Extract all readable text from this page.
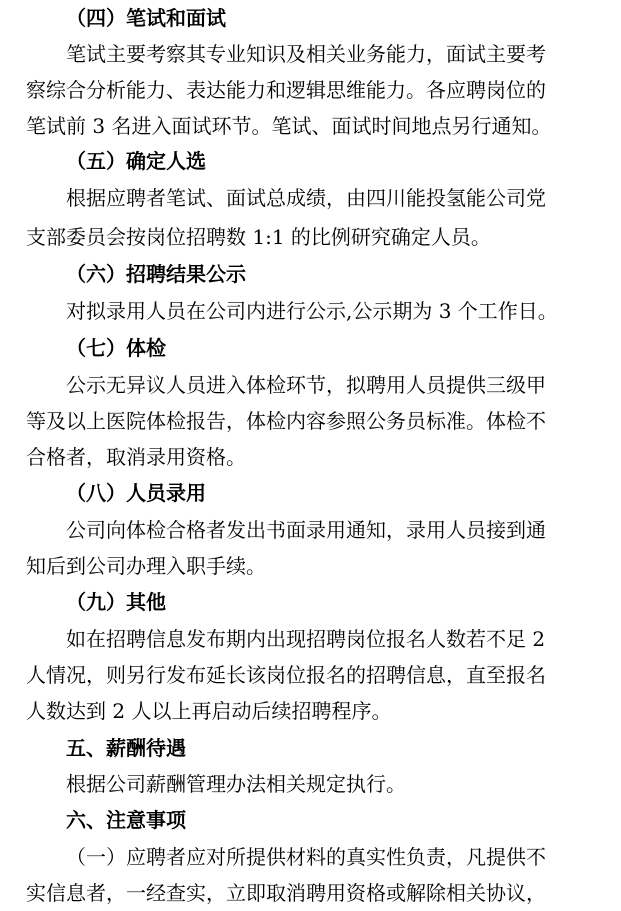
（四）笔试和面试
笔试主要考察其专业知识及相关业务能力，面试主要考
察综合分析能力、表达能力和逻辑思维能力。各应聘岗位的
笔试前 3 名进入面试环节。笔试、面试时间地点另行通知。
（五）确定人选
根据应聘者笔试、面试总成绩，由四川能投氢能公司党
支部委员会按岗位招聘数 1:1 的比例研究确定人员。
（六）招聘结果公示
对拟录用人员在公司内进行公示,公示期为 3 个工作日。
（七）体检
公示无异议人员进入体检环节，拟聘用人员提供三级甲
等及以上医院体检报告，体检内容参照公务员标准。体检不
合格者，取消录用资格。
（八）人员录用
公司向体检合格者发出书面录用通知，录用人员接到通
知后到公司办理入职手续。
（九）其他
如在招聘信息发布期内出现招聘岗位报名人数若不足 2
人情况，则另行发布延长该岗位报名的招聘信息，直至报名
人数达到 2 人以上再启动后续招聘程序。
五、薪酬待遇
根据公司薪酬管理办法相关规定执行。
六、注意事项
（一）应聘者应对所提供材料的真实性负责，凡提供不
实信息者，一经查实，立即取消聘用资格或解除相关协议，
